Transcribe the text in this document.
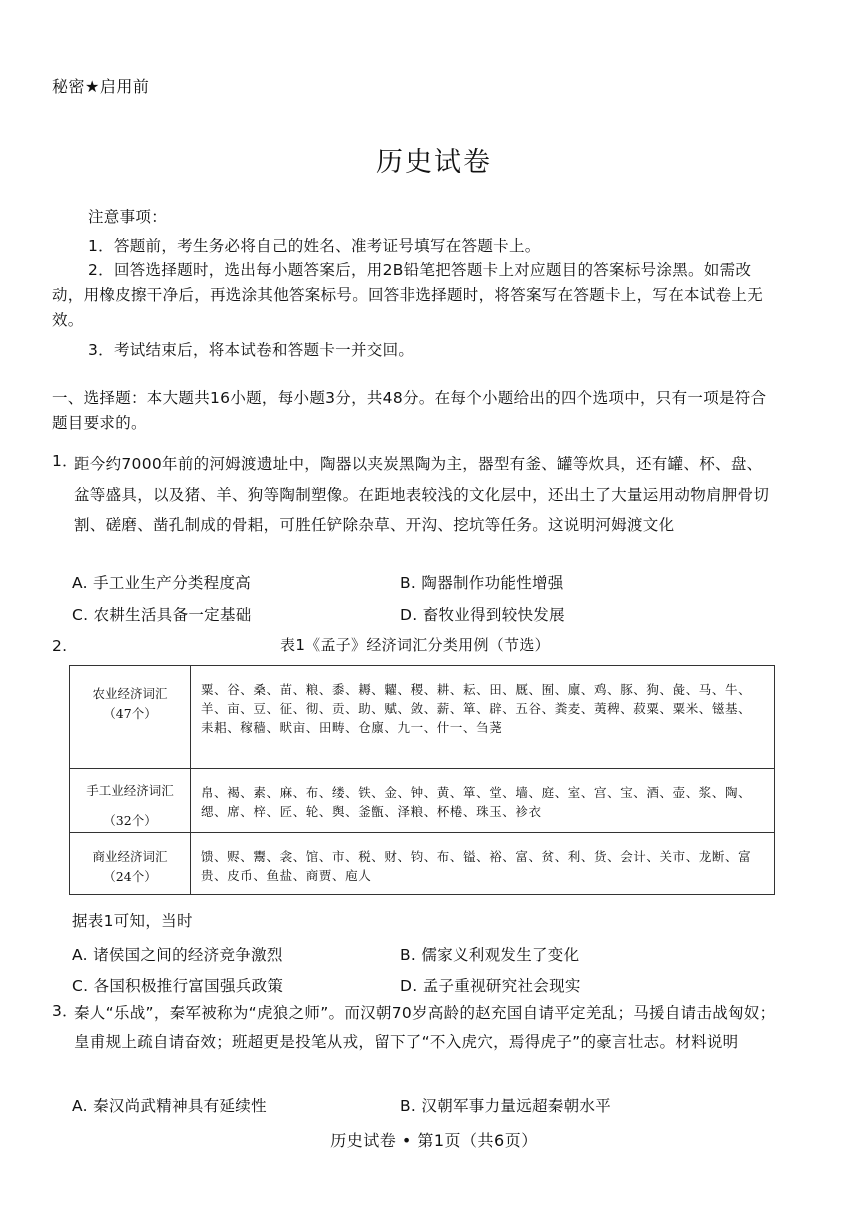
秘密★启用前
历史试卷
注意事项：
1．答题前，考生务必将自己的姓名、准考证号填写在答题卡上。
2．回答选择题时，选出每小题答案后，用2B铅笔把答题卡上对应题目的答案标号涂黑。如需改动，用橡皮擦干净后，再选涂其他答案标号。回答非选择题时，将答案写在答题卡上，写在本试卷上无效。
3．考试结束后，将本试卷和答题卡一并交回。
一、选择题：本大题共16小题，每小题3分，共48分。在每个小题给出的四个选项中，只有一项是符合题目要求的。
1．
距今约7000年前的河姆渡遗址中，陶器以夹炭黑陶为主，器型有釜、罐等炊具，还有罐、杯、盘、盆等盛具，以及猪、羊、狗等陶制塑像。在距地表较浅的文化层中，还出土了大量运用动物肩胛骨切割、磋磨、凿孔制成的骨耜，可胜任铲除杂草、开沟、挖坑等任务。这说明河姆渡文化
A. 手工业生产分类程度高	B. 陶器制作功能性增强
C. 农耕生活具备一定基础	D. 畜牧业得到较快发展
2.	表1《孟子》经济词汇分类用例（节选）
农业经济词汇
（47个）	粟、谷、桑、苗、粮、黍、耨、糶、稷、耕、耘、田、厩、囿、廪、鸡、豚、狗、彘、马、牛、羊、亩、豆、征、彻、贡、助、赋、敛、薪、箪、辟、五谷、粪麦、荑稗、菽粟、粟米、镃基、耒耜、稼穑、畎亩、田畴、仓廪、九一、什一、刍荛

手工业经济词汇
（32个）	帛、褐、素、麻、布、缕、铁、金、钟、黄、箪、堂、墙、庭、室、宫、宝、酒、壶、浆、陶、缌、席、梓、匠、轮、舆、釜甑、泽粮、杯棬、珠玉、袗衣

商业经济词汇
（24个）	馈、赆、鬻、衾、馆、市、税、财、钧、布、镒、裕、富、贫、利、货、会计、关市、龙断、富贵、皮币、鱼盐、商贾、庖人
据表1可知，当时
A. 诸侯国之间的经济竞争激烈	B. 儒家义利观发生了变化
C. 各国积极推行富国强兵政策	D. 孟子重视研究社会现实
3．
秦人“乐战”，秦军被称为“虎狼之师”。而汉朝70岁高龄的赵充国自请平定羌乱；马援自请击战匈奴；皇甫规上疏自请奋效；班超更是投笔从戎，留下了“不入虎穴，焉得虎子”的豪言壮志。材料说明
A. 秦汉尚武精神具有延续性	B. 汉朝军事力量远超秦朝水平
历史试卷 • 第1页（共6页）
